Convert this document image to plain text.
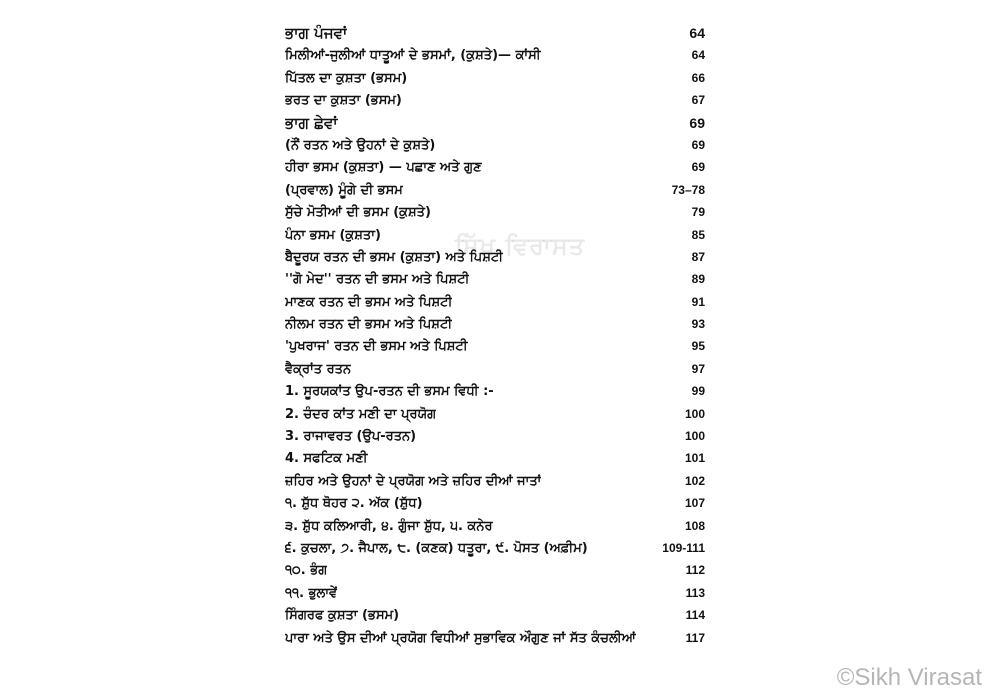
ਭਾਗ ਪੰਜਵਾਂ	64
ਮਿਲੀਆਂ-ਜੁਲੀਆਂ ਧਾਤੂਆਂ ਦੇ ਭਸਮਾਂ, (ਕੁਸ਼ਤੇ)— ਕਾਂਸੀ	64
ਪਿੱਤਲ ਦਾ ਕੁਸ਼ਤਾ (ਭਸਮ)	66
ਭਰਤ ਦਾ ਕੁਸ਼ਤਾ (ਭਸਮ)	67
ਭਾਗ ਛੇਵਾਂ	69
(ਨੌਂ ਰਤਨ ਅਤੇ ਉਹਨਾਂ ਦੇ ਕੁਸ਼ਤੇ)	69
ਹੀਰਾ ਭਸਮ (ਕੁਸ਼ਤਾ) — ਪਛਾਣ ਅਤੇ ਗੁਣ	69
(ਪ੍ਰਵਾਲ) ਮੂੰਗੇ ਦੀ ਭਸਮ	73–78
ਸੁੱਚੇ ਮੋਤੀਆਂ ਦੀ ਭਸਮ (ਕੁਸ਼ਤੇ)	79
ਪੰਨਾ ਭਸਮ (ਕੁਸ਼ਤਾ)	85
ਬੈਦੂਰਯ ਰਤਨ ਦੀ ਭਸਮ (ਕੁਸ਼ਤਾ) ਅਤੇ ਪਿਸ਼ਟੀ	87
''ਗੋ ਮੇਦ'' ਰਤਨ ਦੀ ਭਸਮ ਅਤੇ ਪਿਸ਼ਟੀ	89
ਮਾਣਕ ਰਤਨ ਦੀ ਭਸਮ ਅਤੇ ਪਿਸ਼ਟੀ	91
ਨੀਲਮ ਰਤਨ ਦੀ ਭਸਮ ਅਤੇ ਪਿਸ਼ਟੀ	93
'ਪੁਖਰਾਜ' ਰਤਨ ਦੀ ਭਸਮ ਅਤੇ ਪਿਸ਼ਟੀ	95
ਵੈਕ੍ਰਾਂਤ ਰਤਨ	97
1. ਸੂਰਯਕਾਂਤ ਉਪ-ਰਤਨ ਦੀ ਭਸਮ ਵਿਧੀ :-	99
2. ਚੰਦਰ ਕਾਂਤ ਮਣੀ ਦਾ ਪ੍ਰਯੋਗ	100
3. ਰਾਜਾਵਰਤ (ਉਪ-ਰਤਨ)	100
4. ਸਫਟਿਕ ਮਣੀ	101
ਜ਼ਹਿਰ ਅਤੇ ਉਹਨਾਂ ਦੇ ਪ੍ਰਯੋਗ ਅਤੇ ਜ਼ਹਿਰ ਦੀਆਂ ਜਾਤਾਂ	102
੧. ਸ਼ੁੱਧ ਥੋਹਰ ੨. ਅੱਕ (ਸ਼ੁੱਧ)	107
੩. ਸ਼ੁੱਧ ਕਲਿਆਰੀ, ੪. ਗੁੰਜਾ ਸ਼ੁੱਧ, ੫. ਕਨੇਰ	108
੬. ਕੁਚਲਾ, ੭. ਜੈਪਾਲ, ੮. (ਕਣਕ) ਧਤੂਰਾ, ੯. ਪੋਸਤ (ਅਫ਼ੀਮ)	109-111
੧੦. ਭੰਗ	112
੧੧. ਭੁਲਾਵੇਂ	113
ਸਿੰਗਰਫ ਕੁਸ਼ਤਾ (ਭਸਮ)	114
ਪਾਰਾ ਅਤੇ ਉਸ ਦੀਆਂ ਪ੍ਰਯੋਗ ਵਿਧੀਆਂ ਸੁਭਾਵਿਕ ਔਗੁਣ ਜਾਂ ਸੱਤ ਕੰਚਲੀਆਂ	117
ਸਿੱਖ ਵਿਰਾਸਤ
©Sikh Virasat
